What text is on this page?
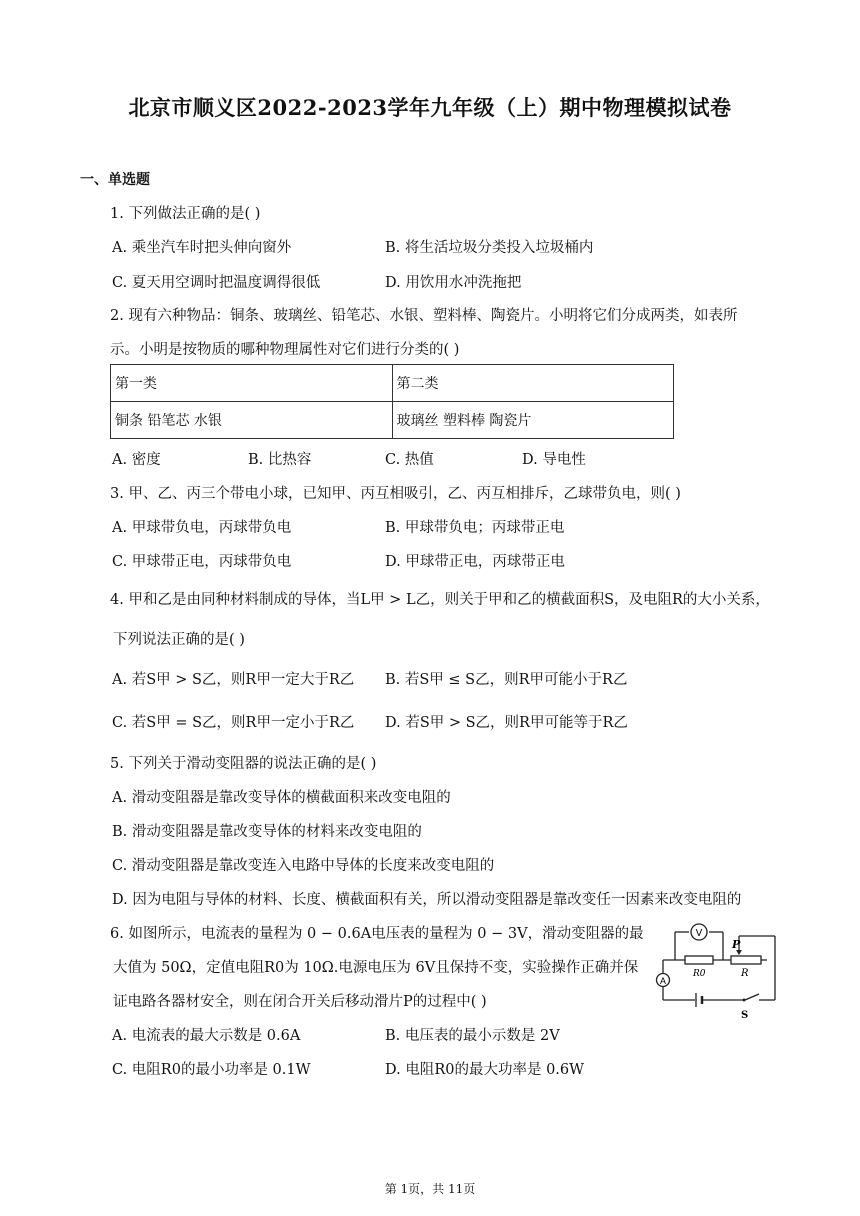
北京市顺义区2022-2023学年九年级（上）期中物理模拟试卷
一、单选题
1. 下列做法正确的是( )
A. 乘坐汽车时把头伸向窗外	B. 将生活垃圾分类投入垃圾桶内
C. 夏天用空调时把温度调得很低	D. 用饮用水冲洗拖把
2. 现有六种物品：铜条、玻璃丝、铅笔芯、水银、塑料棒、陶瓷片。小明将它们分成两类，如表所
示。小明是按物质的哪种物理属性对它们进行分类的( )
第一类	第二类
铜条 铅笔芯 水银	玻璃丝 塑料棒 陶瓷片
A. 密度	B. 比热容	C. 热值	D. 导电性
3. 甲、乙、丙三个带电小球，已知甲、丙互相吸引，乙、丙互相排斥，乙球带负电，则( )
A. 甲球带负电，丙球带负电	B. 甲球带负电；丙球带正电
C. 甲球带正电，丙球带负电	D. 甲球带正电，丙球带正电
4. 甲和乙是由同种材料制成的导体，当L甲 > L乙，则关于甲和乙的横截面积S，及电阻R的大小关系，
下列说法正确的是( )
A. 若S甲 > S乙，则R甲一定大于R乙 B. 若S甲 ≤ S乙，则R甲可能小于R乙
C. 若S甲 = S乙，则R甲一定小于R乙 D. 若S甲 > S乙，则R甲可能等于R乙
5. 下列关于滑动变阻器的说法正确的是( )
A. 滑动变阻器是靠改变导体的横截面积来改变电阻的
B. 滑动变阻器是靠改变导体的材料来改变电阻的
C. 滑动变阻器是靠改变连入电路中导体的长度来改变电阻的
D. 因为电阻与导体的材料、长度、横截面积有关，所以滑动变阻器是靠改变任一因素来改变电阻的
6. 如图所示，电流表的量程为 0 − 0.6A电压表的量程为 0 − 3V，滑动变阻器的最
大值为 50Ω，定值电阻R0为 10Ω.电源电压为 6V且保持不变，实验操作正确并保
证电路各器材安全，则在闭合开关后移动滑片P的过程中( )
A. 电流表的最大示数是 0.6A	B. 电压表的最小示数是 2V
C. 电阻R0的最小功率是 0.1W	D. 电阻R0的最大功率是 0.6W
V
A
R0
P
R
S
第 1页，共 11页
